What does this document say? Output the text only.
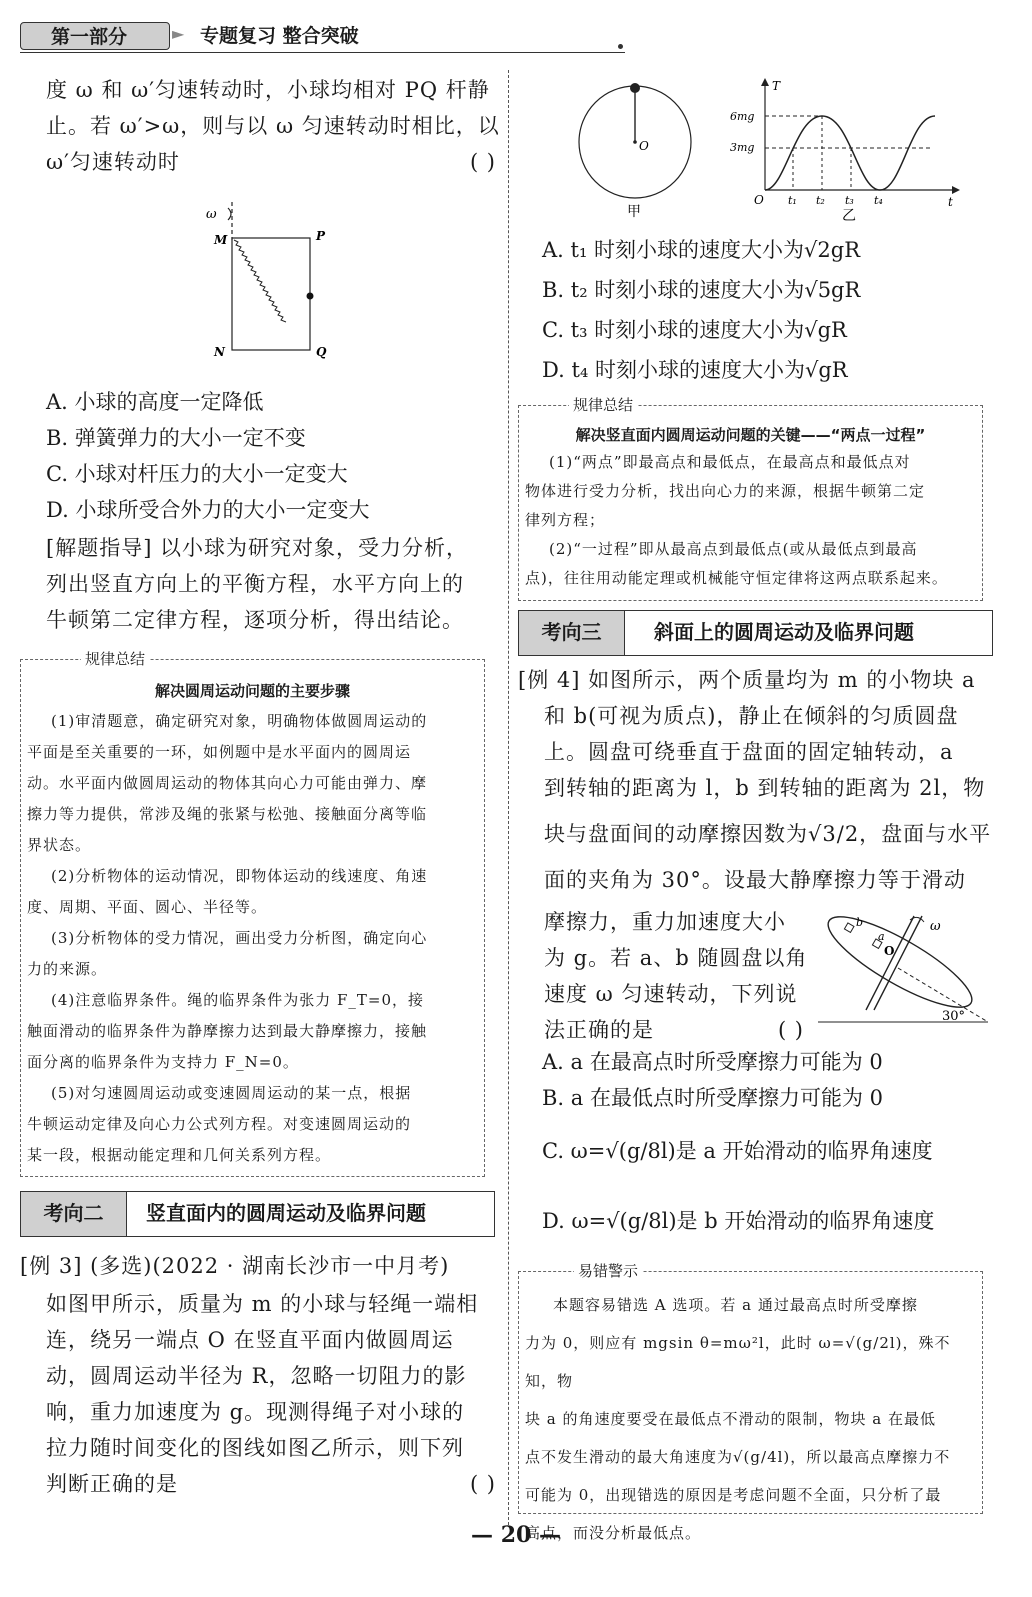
第一部分	► 专题复习 整合突破
度 ω 和 ω′匀速转动时，小球均相对 PQ 杆静
止。若 ω′>ω，则与以 ω 匀速转动时相比，以
ω′匀速转动时	( )
ω
M	P
N	Q
A. 小球的高度一定降低
B. 弹簧弹力的大小一定不变
C. 小球对杆压力的大小一定变大
D. 小球所受合外力的大小一定变大
[解题指导] 以小球为研究对象，受力分析，
列出竖直方向上的平衡方程，水平方向上的
牛顿第二定律方程，逐项分析，得出结论。
规律总结
解决圆周运动问题的主要步骤
(1)审清题意，确定研究对象，明确物体做圆周运动的
平面是至关重要的一环，如例题中是水平面内的圆周运
动。水平面内做圆周运动的物体其向心力可能由弹力、摩
擦力等力提供，常涉及绳的张紧与松弛、接触面分离等临
界状态。
(2)分析物体的运动情况，即物体运动的线速度、角速
度、周期、平面、圆心、半径等。
(3)分析物体的受力情况，画出受力分析图，确定向心
力的来源。
(4)注意临界条件。绳的临界条件为张力 F_T=0，接
触面滑动的临界条件为静摩擦力达到最大静摩擦力，接触
面分离的临界条件为支持力 F_N=0。
(5)对匀速圆周运动或变速圆周运动的某一点，根据
牛顿运动定律及向心力公式列方程。对变速圆周运动的
某一段，根据动能定理和几何关系列方程。
考向二	竖直面内的圆周运动及临界问题
[例 3] (多选)(2022 · 湖南长沙市一中月考)
如图甲所示，质量为 m 的小球与轻绳一端相
连，绕另一端点 O 在竖直平面内做圆周运
动，圆周运动半径为 R，忽略一切阻力的影
响，重力加速度为 g。现测得绳子对小球的
拉力随时间变化的图线如图乙所示，则下列
判断正确的是	( )
O
甲
T
t
O
6mg
3mg
t₁ t₂ t₃ t₄
乙
A. t₁ 时刻小球的速度大小为√2gR
B. t₂ 时刻小球的速度大小为√5gR
C. t₃ 时刻小球的速度大小为√gR
D. t₄ 时刻小球的速度大小为√gR
规律总结
解决竖直面内圆周运动问题的关键——“两点一过程”
(1)“两点”即最高点和最低点，在最高点和最低点对
物体进行受力分析，找出向心力的来源，根据牛顿第二定
律列方程；
(2)“一过程”即从最高点到最低点(或从最低点到最高
点)，往往用动能定理或机械能守恒定律将这两点联系起来。
考向三	斜面上的圆周运动及临界问题
[例 4] 如图所示，两个质量均为 m 的小物块 a
和 b(可视为质点)，静止在倾斜的匀质圆盘
上。圆盘可绕垂直于盘面的固定轴转动，a
到转轴的距离为 l，b 到转轴的距离为 2l，物
块与盘面间的动摩擦因数为√3/2，盘面与水平
面的夹角为 30°。设最大静摩擦力等于滑动
摩擦力，重力加速度大小
为 g。若 a、b 随圆盘以角
速度 ω 匀速转动，下列说
法正确的是	( )
b
a
O
ω
30°
A. a 在最高点时所受摩擦力可能为 0
B. a 在最低点时所受摩擦力可能为 0
C. ω=√(g/8l)是 a 开始滑动的临界角速度
D. ω=√(g/8l)是 b 开始滑动的临界角速度
易错警示
本题容易错选 A 选项。若 a 通过最高点时所受摩擦
力为 0，则应有 mgsin θ=mω²l，此时 ω=√(g/2l)，殊不知，物
块 a 的角速度要受在最低点不滑动的限制，物块 a 在最低
点不发生滑动的最大角速度为√(g/4l)，所以最高点摩擦力不
可能为 0，出现错选的原因是考虑问题不全面，只分析了最
高点，而没分析最低点。
— 20 —
